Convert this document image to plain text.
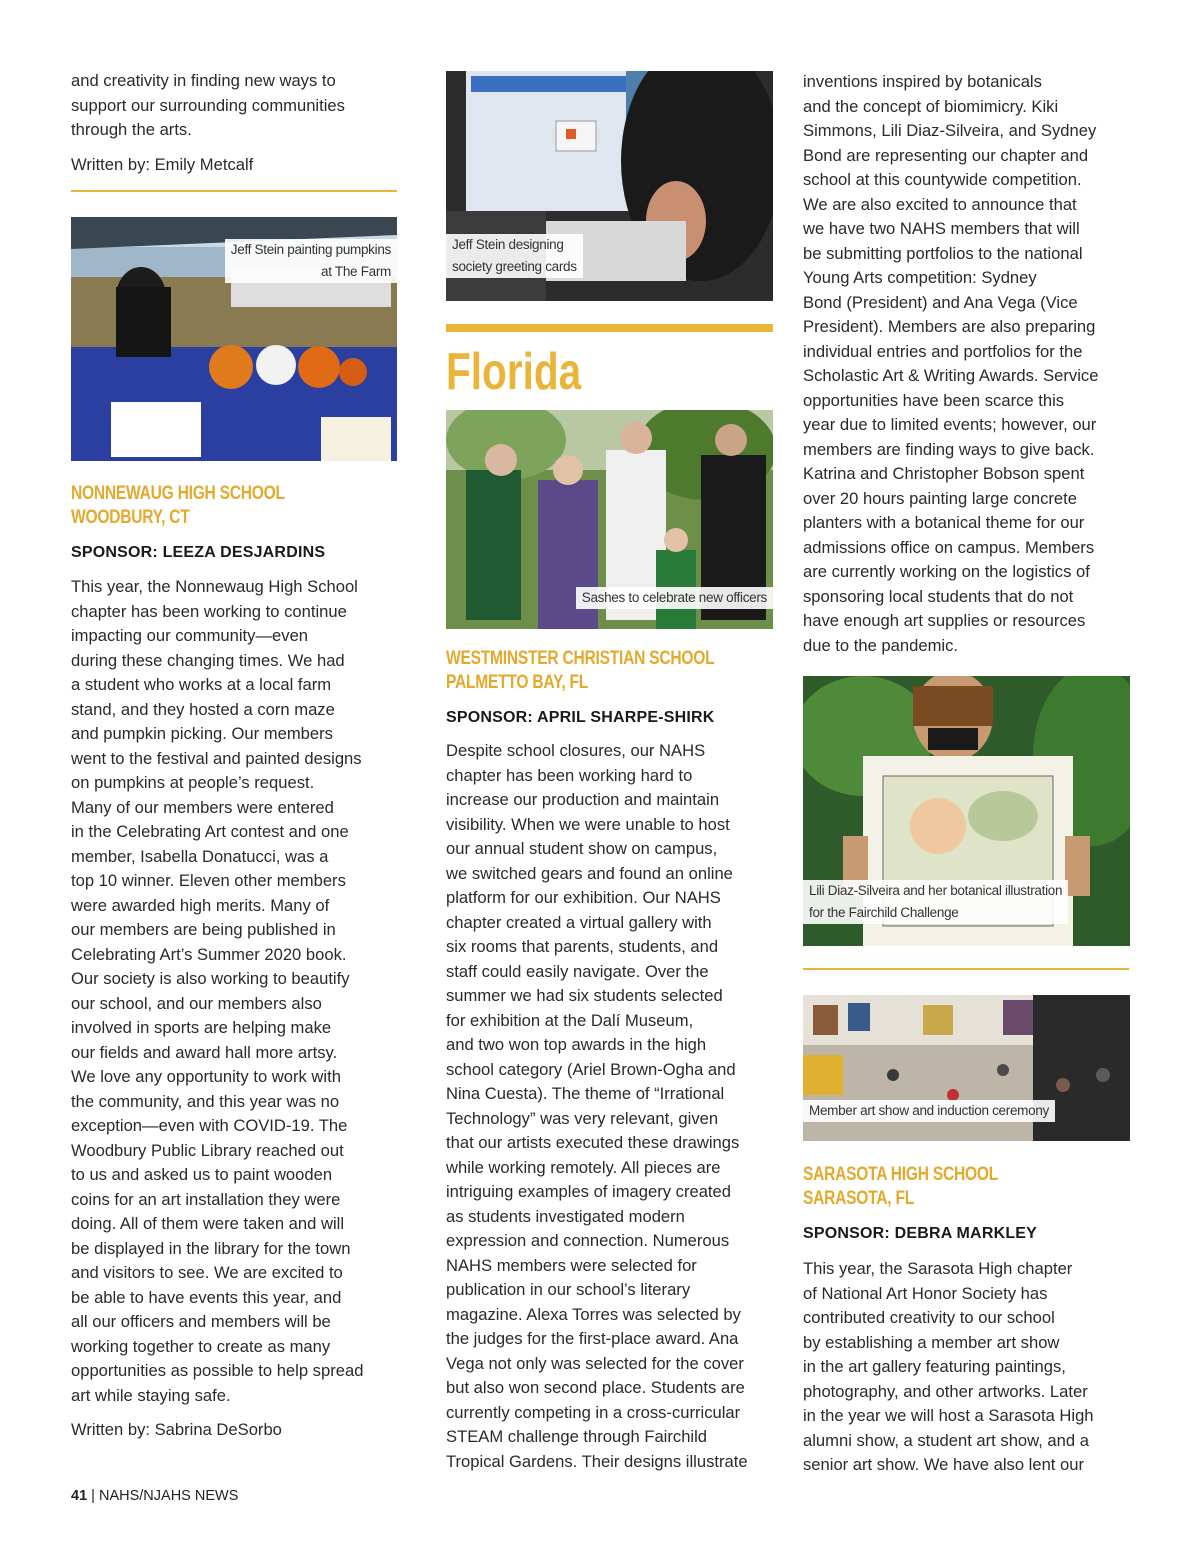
and creativity in finding new ways to
support our surrounding communities
through the arts.
Written by: Emily Metcalf
Jeff Stein painting pumpkins
at The Farm
NONNEWAUG HIGH SCHOOL
WOODBURY, CT
SPONSOR: LEEZA DESJARDINS
This year, the Nonnewaug High School
chapter has been working to continue
impacting our community—even
during these changing times. We had
a student who works at a local farm
stand, and they hosted a corn maze
and pumpkin picking. Our members
went to the festival and painted designs
on pumpkins at people’s request.
Many of our members were entered
in the Celebrating Art contest and one
member, Isabella Donatucci, was a
top 10 winner. Eleven other members
were awarded high merits. Many of
our members are being published in
Celebrating Art’s Summer 2020 book.
Our society is also working to beautify
our school, and our members also
involved in sports are helping make
our fields and award hall more artsy.
We love any opportunity to work with
the community, and this year was no
exception—even with COVID-19. The
Woodbury Public Library reached out
to us and asked us to paint wooden
coins for an art installation they were
doing. All of them were taken and will
be displayed in the library for the town
and visitors to see. We are excited to
be able to have events this year, and
all our officers and members will be
working together to create as many
opportunities as possible to help spread
art while staying safe.
Written by: Sabrina DeSorbo
Jeff Stein designing
society greeting cards
Florida
Sashes to celebrate new officers
WESTMINSTER CHRISTIAN SCHOOL
PALMETTO BAY, FL
SPONSOR: APRIL SHARPE-SHIRK
Despite school closures, our NAHS
chapter has been working hard to
increase our production and maintain
visibility. When we were unable to host
our annual student show on campus,
we switched gears and found an online
platform for our exhibition. Our NAHS
chapter created a virtual gallery with
six rooms that parents, students, and
staff could easily navigate. Over the
summer we had six students selected
for exhibition at the Dalí Museum,
and two won top awards in the high
school category (Ariel Brown-Ogha and
Nina Cuesta). The theme of “Irrational
Technology” was very relevant, given
that our artists executed these drawings
while working remotely. All pieces are
intriguing examples of imagery created
as students investigated modern
expression and connection. Numerous
NAHS members were selected for
publication in our school’s literary
magazine. Alexa Torres was selected by
the judges for the first-place award. Ana
Vega not only was selected for the cover
but also won second place. Students are
currently competing in a cross-curricular
STEAM challenge through Fairchild
Tropical Gardens. Their designs illustrate
inventions inspired by botanicals
and the concept of biomimicry. Kiki
Simmons, Lili Diaz-Silveira, and Sydney
Bond are representing our chapter and
school at this countywide competition.
We are also excited to announce that
we have two NAHS members that will
be submitting portfolios to the national
Young Arts competition: Sydney
Bond (President) and Ana Vega (Vice
President). Members are also preparing
individual entries and portfolios for the
Scholastic Art & Writing Awards. Service
opportunities have been scarce this
year due to limited events; however, our
members are finding ways to give back.
Katrina and Christopher Bobson spent
over 20 hours painting large concrete
planters with a botanical theme for our
admissions office on campus. Members
are currently working on the logistics of
sponsoring local students that do not
have enough art supplies or resources
due to the pandemic.
Lili Diaz-Silveira and her botanical illustration
for the Fairchild Challenge
Member art show and induction ceremony
SARASOTA HIGH SCHOOL
SARASOTA, FL
SPONSOR: DEBRA MARKLEY
This year, the Sarasota High chapter
of National Art Honor Society has
contributed creativity to our school
by establishing a member art show
in the art gallery featuring paintings,
photography, and other artworks. Later
in the year we will host a Sarasota High
alumni show, a student art show, and a
senior art show. We have also lent our
41 | NAHS/NJAHS NEWS
